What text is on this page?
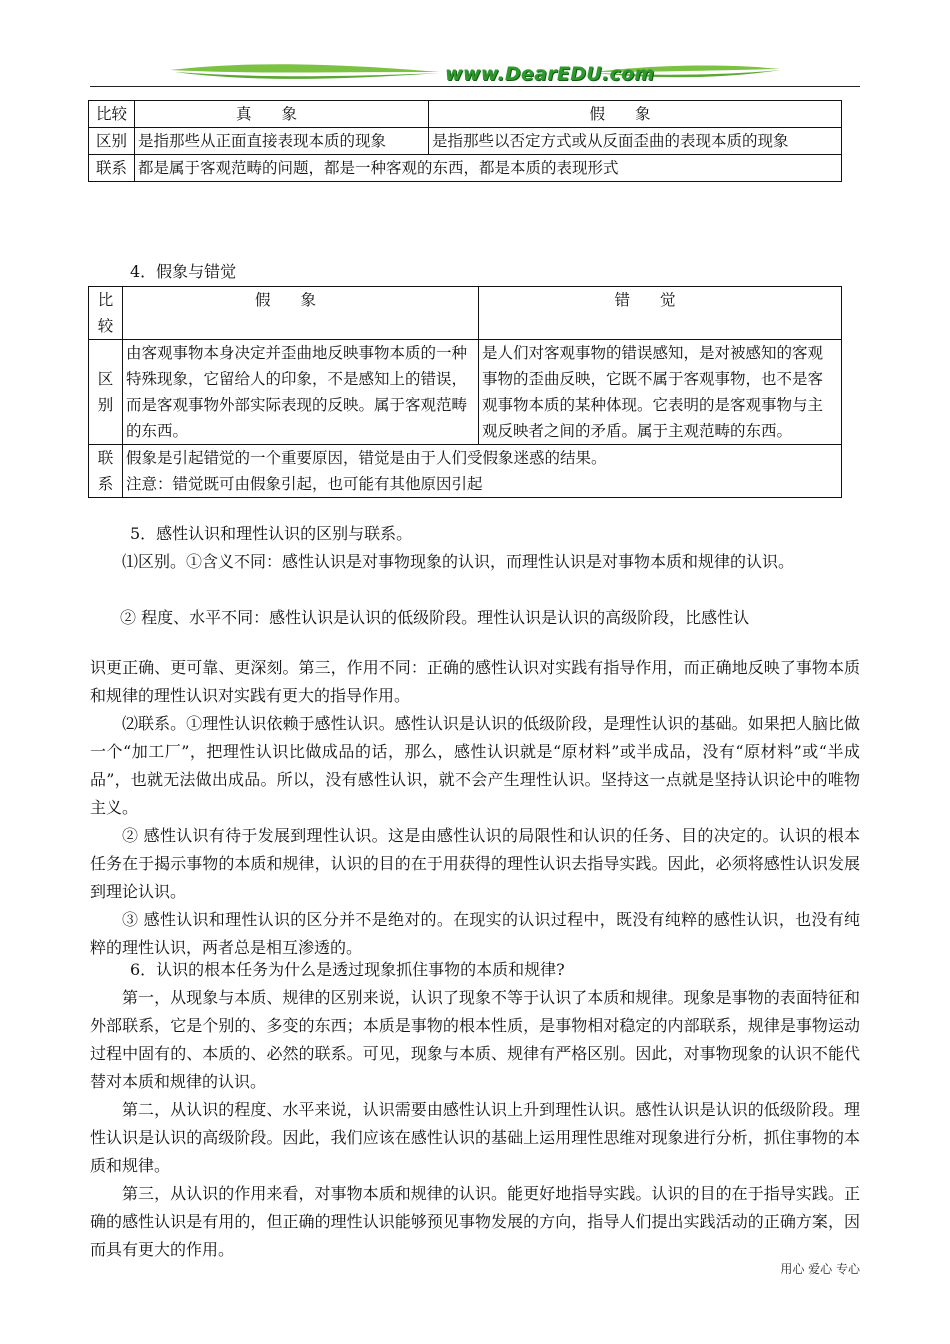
www.DearEDU.com
比较	真象	假象
区别	是指那些从正面直接表现本质的现象	是指那些以否定方式或从反面歪曲的表现本质的现象
联系	都是属于客观范畴的问题，都是一种客观的东西，都是本质的表现形式	
4．假象与错觉
比较	假象	错觉
区别	由客观事物本身决定并歪曲地反映事物本质的一种特殊现象，它留给人的印象，不是感知上的错误，而是客观事物外部实际表现的反映。属于客观范畴的东西。	是人们对客观事物的错误感知，是对被感知的客观事物的歪曲反映，它既不属于客观事物，也不是客观事物本质的某种体现。它表明的是客观事物与主观反映者之间的矛盾。属于主观范畴的东西。
联系	假象是引起错觉的一个重要原因，错觉是由于人们受假象迷惑的结果。
注意：错觉既可由假象引起，也可能有其他原因引起	
5．感性认识和理性认识的区别与联系。
⑴区别。①含义不同：感性认识是对事物现象的认识，而理性认识是对事物本质和规律的认识。
② 程度、水平不同：感性认识是认识的低级阶段。理性认识是认识的高级阶段，比感性认
识更正确、更可靠、更深刻。第三，作用不同：正确的感性认识对实践有指导作用，而正确地反映了事物本质和规律的理性认识对实践有更大的指导作用。
⑵联系。①理性认识依赖于感性认识。感性认识是认识的低级阶段，是理性认识的基础。如果把人脑比做一个“加工厂”，把理性认识比做成品的话，那么，感性认识就是“原材料”或半成品，没有“原材料”或“半成品”，也就无法做出成品。所以，没有感性认识，就不会产生理性认识。坚持这一点就是坚持认识论中的唯物主义。
② 感性认识有待于发展到理性认识。这是由感性认识的局限性和认识的任务、目的决定的。认识的根本任务在于揭示事物的本质和规律，认识的目的在于用获得的理性认识去指导实践。因此，必须将感性认识发展到理论认识。
③ 感性认识和理性认识的区分并不是绝对的。在现实的认识过程中，既没有纯粹的感性认识，也没有纯粹的理性认识，两者总是相互渗透的。
6．认识的根本任务为什么是透过现象抓住事物的本质和规律?
第一，从现象与本质、规律的区别来说，认识了现象不等于认识了本质和规律。现象是事物的表面特征和外部联系，它是个别的、多变的东西；本质是事物的根本性质，是事物相对稳定的内部联系，规律是事物运动过程中固有的、本质的、必然的联系。可见，现象与本质、规律有严格区别。因此，对事物现象的认识不能代替对本质和规律的认识。
第二，从认识的程度、水平来说，认识需要由感性认识上升到理性认识。感性认识是认识的低级阶段。理性认识是认识的高级阶段。因此，我们应该在感性认识的基础上运用理性思维对现象进行分析，抓住事物的本质和规律。
第三，从认识的作用来看，对事物本质和规律的认识。能更好地指导实践。认识的目的在于指导实践。正确的感性认识是有用的，但正确的理性认识能够预见事物发展的方向，指导人们提出实践活动的正确方案，因而具有更大的作用。
用心 爱心 专心
